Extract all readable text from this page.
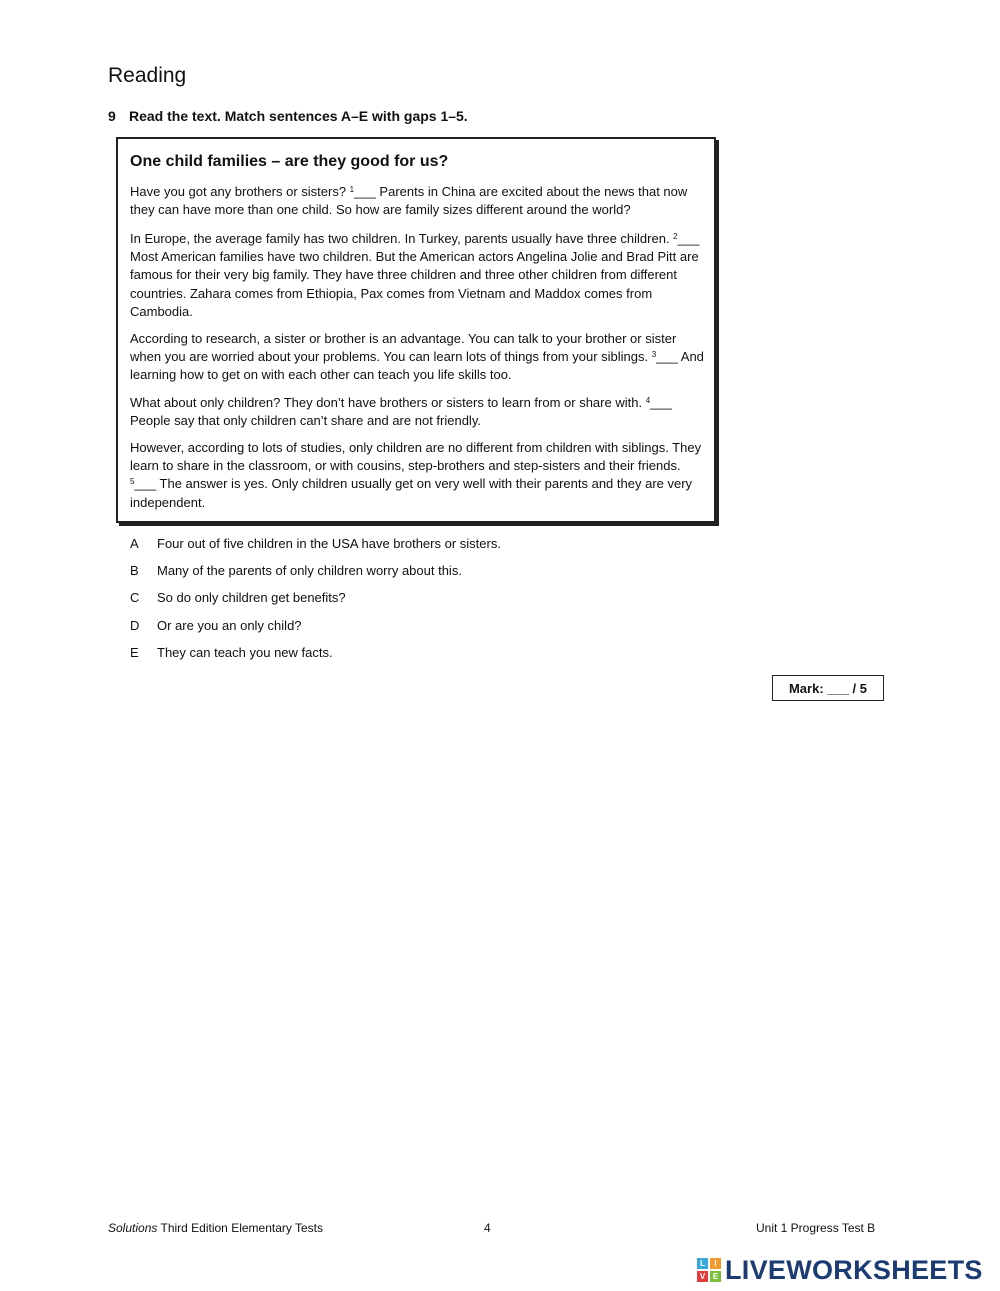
Reading
9 Read the text. Match sentences A–E with gaps 1–5.
One child families – are they good for us?
Have you got any brothers or sisters? $^1$___ Parents in China are excited about the news that now they can have more than one child. So how are family sizes different around the world?
In Europe, the average family has two children. In Turkey, parents usually have three children. $^2$___ Most American families have two children. But the American actors Angelina Jolie and Brad Pitt are famous for their very big family. They have three children and three other children from different countries. Zahara comes from Ethiopia, Pax comes from Vietnam and Maddox comes from Cambodia.
According to research, a sister or brother is an advantage. You can talk to your brother or sister when you are worried about your problems. You can learn lots of things from your siblings. $^3$___ And learning how to get on with each other can teach you life skills too.
What about only children? They don’t have brothers or sisters to learn from or share with. $^4$___ People say that only children can’t share and are not friendly.
However, according to lots of studies, only children are no different from children with siblings. They learn to share in the classroom, or with cousins, step-brothers and step-sisters and their friends. $^5$___ The answer is yes. Only children usually get on very well with their parents and they are very independent.
A Four out of five children in the USA have brothers or sisters.
B Many of the parents of only children worry about this.
C So do only children get benefits?
D Or are you an only child?
E They can teach you new facts.
Mark: ___ / 5
Solutions Third Edition Elementary Tests	4	Unit 1 Progress Test B
L	I
V E LIVEWORKSHEETS
